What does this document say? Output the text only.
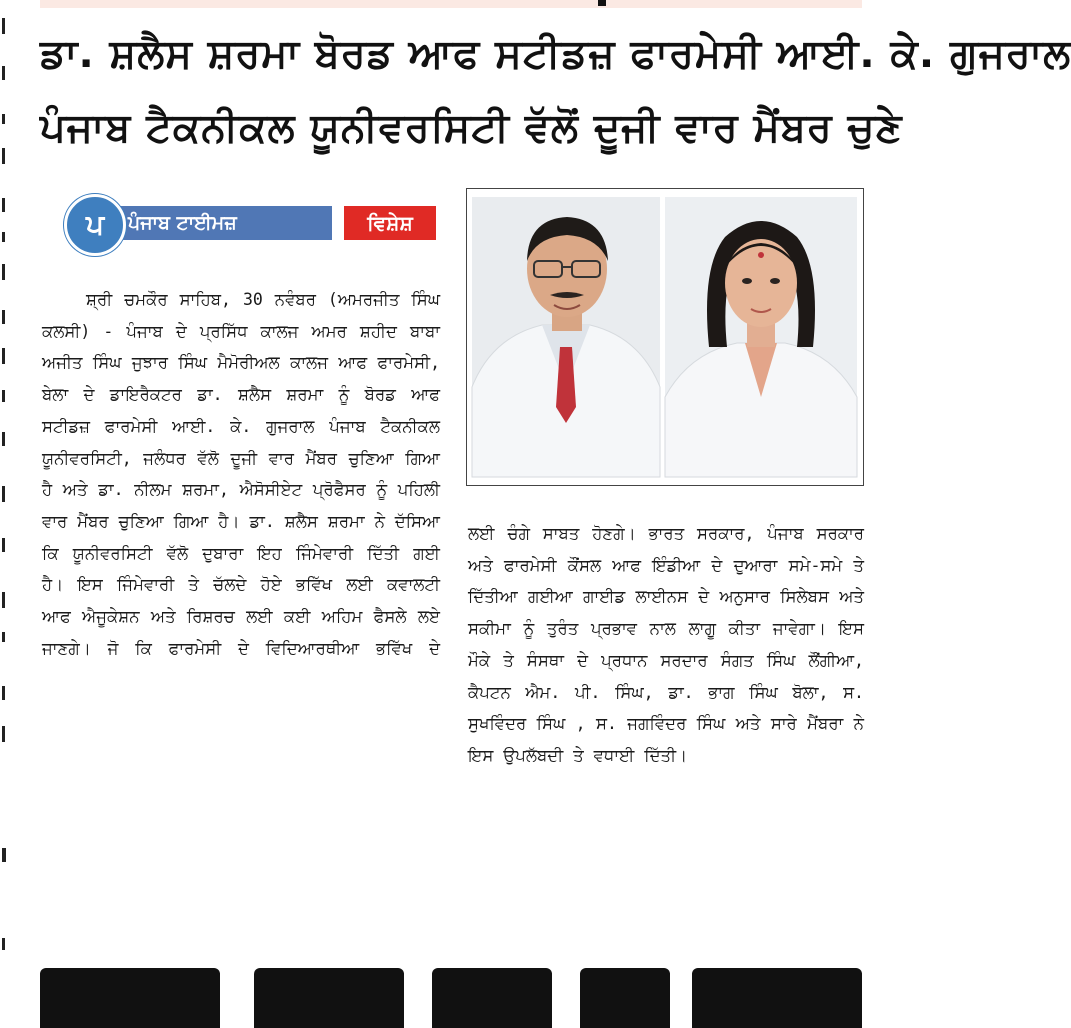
ਡਾ. ਸ਼ਲੈਸ ਸ਼ਰਮਾ ਬੋਰਡ ਆਫ ਸਟੀਡਜ਼ ਫਾਰਮੇਸੀ ਆਈ. ਕੇ. ਗੁਜਰਾਲ
ਪੰਜਾਬ ਟੈਕਨੀਕਲ ਯੂਨੀਵਰਸਿਟੀ ਵੱਲੋਂ ਦੂਜੀ ਵਾਰ ਮੈਂਬਰ ਚੁਣੇ
ਪੰਜਾਬ ਟਾਈਮਜ਼
ਪ	ਵਿਸ਼ੇਸ਼

ਸ਼੍ਰੀ ਚਮਕੌਰ ਸਾਹਿਬ, 30 ਨਵੰਬਰ (ਅਮਰਜੀਤ ਸਿੰਘ ਕਲਸੀ) - ਪੰਜਾਬ ਦੇ ਪ੍ਰਸਿੱਧ ਕਾਲਜ ਅਮਰ ਸ਼ਹੀਦ ਬਾਬਾ ਅਜੀਤ ਸਿੰਘ ਜੁਝਾਰ ਸਿੰਘ ਮੈਮੋਰੀਅਲ ਕਾਲਜ ਆਫ ਫਾਰਮੇਸੀ, ਬੇਲਾ ਦੇ ਡਾਇਰੈਕਟਰ ਡਾ. ਸ਼ਲੈਸ ਸ਼ਰਮਾ ਨੂੰ ਬੋਰਡ ਆਫ ਸਟੀਡਜ਼ ਫਾਰਮੇਸੀ ਆਈ. ਕੇ. ਗੁਜਰਾਲ ਪੰਜਾਬ ਟੈਕਨੀਕਲ ਯੂਨੀਵਰਸਿਟੀ, ਜਲੰਧਰ ਵੱਲੋ ਦੂਜੀ ਵਾਰ ਮੈਂਬਰ ਚੁਣਿਆ ਗਿਆ ਹੈ ਅਤੇ ਡਾ. ਨੀਲਮ ਸ਼ਰਮਾ, ਐਸੋਸੀਏਟ ਪ੍ਰੋਫੈਸਰ ਨੂੰ ਪਹਿਲੀ ਵਾਰ ਮੈਂਬਰ ਚੁਣਿਆ ਗਿਆ ਹੈ। ਡਾ. ਸ਼ਲੈਸ ਸ਼ਰਮਾ ਨੇ ਦੱਸਿਆ ਕਿ ਯੂਨੀਵਰਸਿਟੀ ਵੱਲੋ ਦੁਬਾਰਾ ਇਹ ਜਿੰਮੇਵਾਰੀ ਦਿੱਤੀ ਗਈ ਹੈ। ਇਸ ਜਿੰਮੇਵਾਰੀ ਤੇ ਚੱਲਦੇ ਹੋਏ ਭਵਿੱਖ ਲਈ ਕਵਾਲਟੀ ਆਫ ਐਜੂਕੇਸ਼ਨ ਅਤੇ ਰਿਸ਼ਰਚ ਲਈ ਕਈ ਅਹਿਮ ਫੈਸਲੇ ਲਏ ਜਾਣਗੇ। ਜੋ ਕਿ ਫਾਰਮੇਸੀ ਦੇ ਵਿਦਿਆਰਥੀਆ ਭਵਿੱਖ ਦੇ

ਲਈ ਚੰਗੇ ਸਾਬਤ ਹੋਣਗੇ। ਭਾਰਤ ਸਰਕਾਰ, ਪੰਜਾਬ ਸਰਕਾਰ ਅਤੇ ਫਾਰਮੇਸੀ ਕੌਂਸਲ ਆਫ ਇੰਡੀਆ ਦੇ ਦੁਆਰਾ ਸਮੇ-ਸਮੇ ਤੇ ਦਿੱਤੀਆ ਗਈਆ ਗਾਈਡ ਲਾਈਨਸ ਦੇ ਅਨੁਸਾਰ ਸਿਲੇਬਸ ਅਤੇ ਸਕੀਮਾ ਨੂੰ ਤੁਰੰਤ ਪ੍ਰਭਾਵ ਨਾਲ ਲਾਗੂ ਕੀਤਾ ਜਾਵੇਗਾ। ਇਸ ਮੌਕੇ ਤੇ ਸੰਸਥਾ ਦੇ ਪ੍ਰਧਾਨ ਸਰਦਾਰ ਸੰਗਤ ਸਿੰਘ ਲੌਂਗੀਆ, ਕੈਪਟਨ ਐਮ. ਪੀ. ਸਿੰਘ, ਡਾ. ਭਾਗ ਸਿੰਘ ਬੋਲਾ, ਸ. ਸੁਖਵਿੰਦਰ ਸਿੰਘ , ਸ. ਜਗਵਿੰਦਰ ਸਿੰਘ ਅਤੇ ਸਾਰੇ ਮੈਂਬਰਾ ਨੇ ਇਸ ਉਪਲੱਬਦੀ ਤੇ ਵਧਾਈ ਦਿੱਤੀ।
